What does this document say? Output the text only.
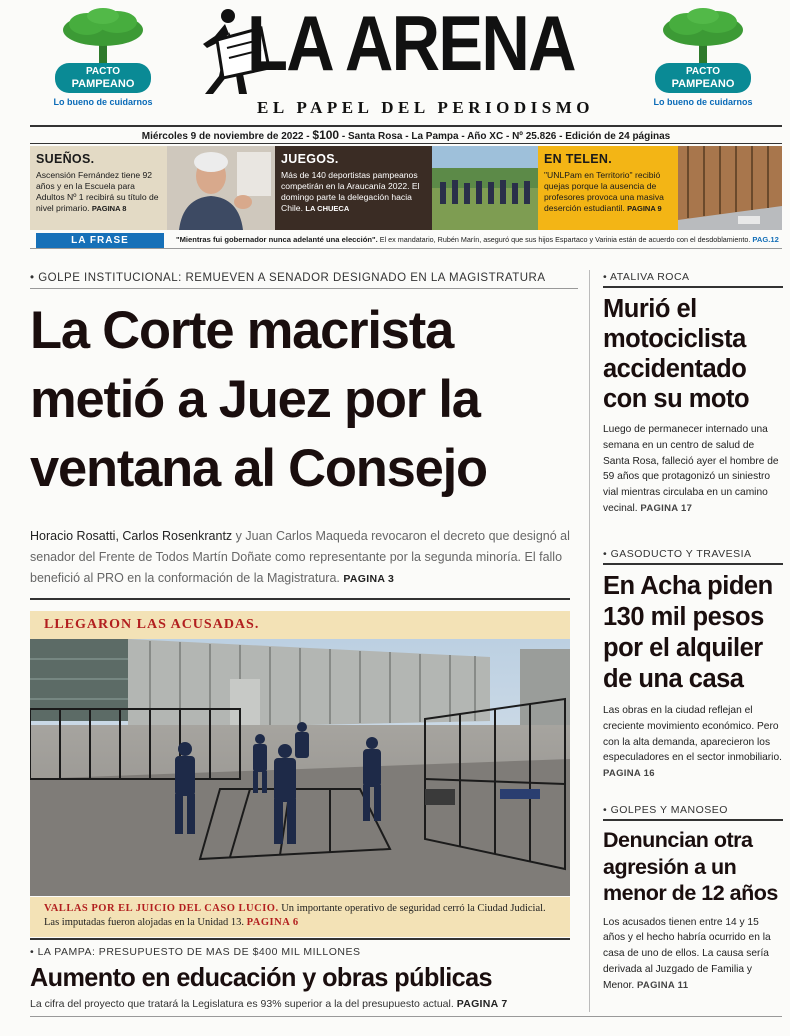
PACTO
PAMPEANO
Lo bueno de cuidarnos
LA ARENA
EL PAPEL DEL PERIODISMO
PACTO
PAMPEANO
Lo bueno de cuidarnos
Miércoles 9 de noviembre de 2022 - $100 - Santa Rosa - La Pampa - Año XC - Nº 25.826 - Edición de 24 páginas
SUEÑOS.

Ascensión Fernández tiene 92 años y en la Escuela para Adultos Nº 1 recibirá su título de nivel primario. PAGINA 8

JUEGOS.

Más de 140 deportistas pampeanos competirán en la Araucanía 2022. El domingo parte la delegación hacia Chile. LA CHUECA

EN TELEN.

"UNLPam en Territorio" recibió quejas porque la ausencia de profesores provoca una masiva deserción estudiantil. PAGINA 9

LA FRASE	"Mientras fui gobernador nunca adelanté una elección". El ex mandatario, Rubén Marín, aseguró que sus hijos Espartaco y Varinia están de acuerdo con el desdoblamiento. PAG.12
• GOLPE INSTITUCIONAL: REMUEVEN A SENADOR DESIGNADO EN LA MAGISTRATURA
La Corte macrista metió a Juez por la ventana al Consejo
Horacio Rosatti, Carlos Rosenkrantz y Juan Carlos Maqueda revocaron el decreto que designó al senador del Frente de Todos Martín Doñate como representante por la segunda minoría. El fallo benefició al PRO en la conformación de la Magistratura. PAGINA 3
LLEGARON LAS ACUSADAS.
VALLAS POR EL JUICIO DEL CASO LUCIO. Un importante operativo de seguridad cerró la Ciudad Judicial. Las imputadas fueron alojadas en la Unidad 13. PAGINA 6
• LA PAMPA: PRESUPUESTO DE MAS DE $400 MIL MILLONES
Aumento en educación y obras públicas
La cifra del proyecto que tratará la Legislatura es 93% superior a la del presupuesto actual. PAGINA 7
• ATALIVA ROCA
Murió el motociclista accidentado con su moto

Luego de permanecer internado una semana en un centro de salud de Santa Rosa, falleció ayer el hombre de 59 años que protagonizó un siniestro vial mientras circulaba en un camino vecinal. PAGINA 17

• GASODUCTO Y TRAVESIA
En Acha piden 130 mil pesos por el alquiler de una casa

Las obras en la ciudad reflejan el creciente movimiento económico. Pero con la alta demanda, aparecieron los especuladores en el sector inmobiliario. PAGINA 16

• GOLPES Y MANOSEO
Denuncian otra agresión a un menor de 12 años

Los acusados tienen entre 14 y 15 años y el hecho habría ocurrido en la casa de uno de ellos. La causa sería derivada al Juzgado de Familia y Menor. PAGINA 11
